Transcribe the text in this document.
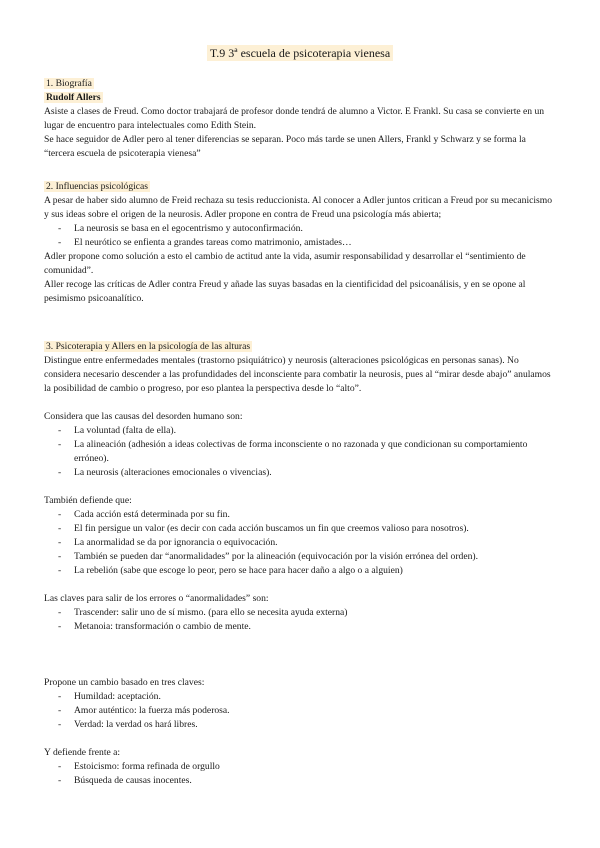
T.9 3ª escuela de psicoterapia vienesa

1. Biografía

Rudolf Allers

Asiste a clases de Freud. Como doctor trabajará de profesor donde tendrá de alumno a Victor. E Frankl. Su casa se convierte en un lugar de encuentro para intelectuales como Edith Stein.

Se hace seguidor de Adler pero al tener diferencias se separan. Poco más tarde se unen Allers, Frankl y Schwarz y se forma la “tercera escuela de psicoterapia vienesa”

2. Influencias psicológicas

A pesar de haber sido alumno de Freid rechaza su tesis reduccionista. Al conocer a Adler juntos critican a Freud por su mecanicismo y sus ideas sobre el origen de la neurosis. Adler propone en contra de Freud una psicología más abierta;

- La neurosis se basa en el egocentrismo y autoconfirmación.
- El neurótico se enfienta a grandes tareas como matrimonio, amistades…

Adler propone como solución a esto el cambio de actitud ante la vida, asumir responsabilidad y desarrollar el “sentimiento de comunidad”.

Aller recoge las críticas de Adler contra Freud y añade las suyas basadas en la cientificidad del psicoanálisis, y en se opone al pesimismo psicoanalítico.

3. Psicoterapia y Allers en la psicología de las alturas

Distingue entre enfermedades mentales (trastorno psiquiátrico) y neurosis (alteraciones psicológicas en personas sanas). No considera necesario descender a las profundidades del inconsciente para combatir la neurosis, pues al “mirar desde abajo” anulamos la posibilidad de cambio o progreso, por eso plantea la perspectiva desde lo “alto”.

Considera que las causas del desorden humano son:

- La voluntad (falta de ella).
- La alineación (adhesión a ideas colectivas de forma inconsciente o no razonada y que condicionan su comportamiento erróneo).
- La neurosis (alteraciones emocionales o vivencias).

También defiende que:

- Cada acción está determinada por su fin.
- El fin persigue un valor (es decir con cada acción buscamos un fin que creemos valioso para nosotros).
- La anormalidad se da por ignorancia o equivocación.
- También se pueden dar “anormalidades” por la alineación (equivocación por la visión errónea del orden).
- La rebelión (sabe que escoge lo peor, pero se hace para hacer daño a algo o a alguien)

Las claves para salir de los errores o “anormalidades” son:

- Trascender: salir uno de sí mismo. (para ello se necesita ayuda externa)
- Metanoia: transformación o cambio de mente.

Propone un cambio basado en tres claves:

- Humildad: aceptación.
- Amor auténtico: la fuerza más poderosa.
- Verdad: la verdad os hará libres.

Y defiende frente a:

- Estoicismo: forma refinada de orgullo
- Búsqueda de causas inocentes.
